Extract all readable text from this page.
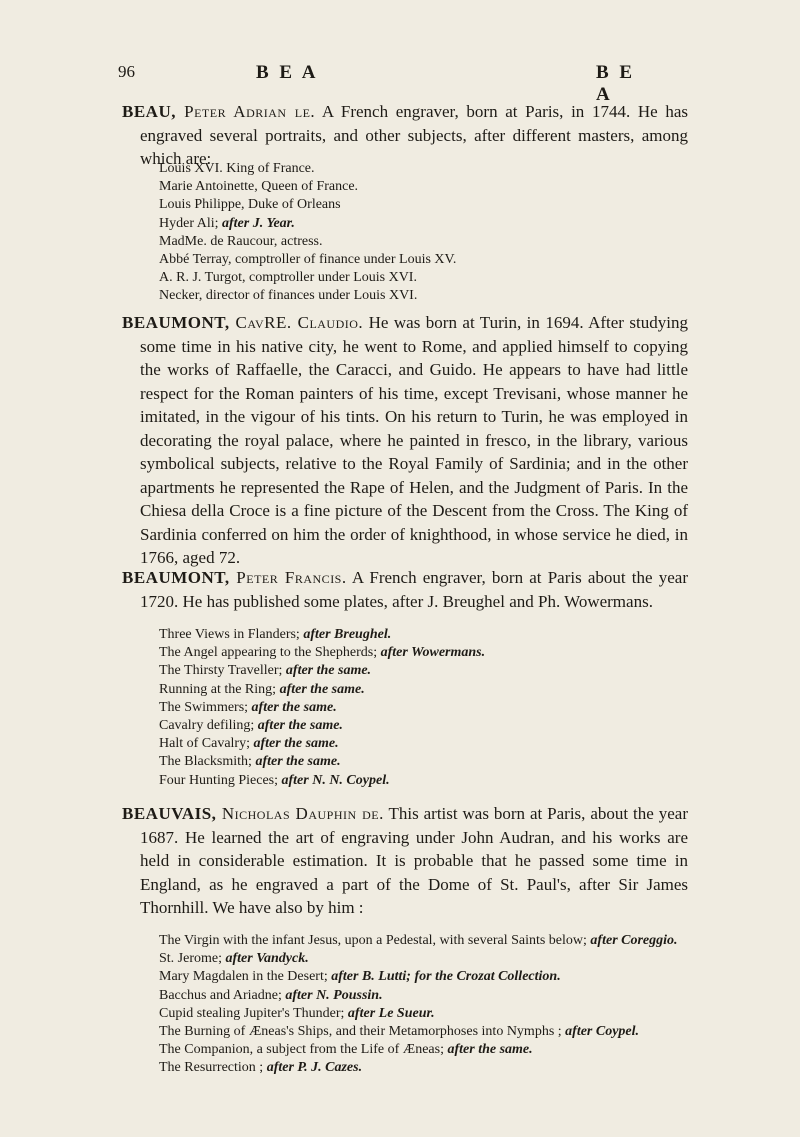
96	B E A	B E A
BEAU, Peter Adrian le. A French engraver, born at Paris, in 1744. He has engraved several portraits, and other subjects, after different masters, among which are:
Louis XVI. King of France.
Marie Antoinette, Queen of France.
Louis Philippe, Duke of Orleans
Hyder Ali; after J. Year.
MadMe. de Raucour, actress.
Abbé Terray, comptroller of finance under Louis XV.
A. R. J. Turgot, comptroller under Louis XVI.
Necker, director of finances under Louis XVI.
BEAUMONT, CavRE. Claudio. He was born at Turin, in 1694. After studying some time in his native city, he went to Rome, and applied himself to copying the works of Raffaelle, the Caracci, and Guido. He appears to have had little respect for the Roman painters of his time, except Trevisani, whose manner he imitated, in the vigour of his tints. On his return to Turin, he was employed in decorating the royal palace, where he painted in fresco, in the library, various symbolical subjects, relative to the Royal Family of Sardinia; and in the other apartments he represented the Rape of Helen, and the Judgment of Paris. In the Chiesa della Croce is a fine picture of the Descent from the Cross. The King of Sardinia conferred on him the order of knighthood, in whose service he died, in 1766, aged 72.
BEAUMONT, Peter Francis. A French engraver, born at Paris about the year 1720. He has published some plates, after J. Breughel and Ph. Wowermans.
Three Views in Flanders; after Breughel.
The Angel appearing to the Shepherds; after Wowermans.
The Thirsty Traveller; after the same.
Running at the Ring; after the same.
The Swimmers; after the same.
Cavalry defiling; after the same.
Halt of Cavalry; after the same.
The Blacksmith; after the same.
Four Hunting Pieces; after N. N. Coypel.
BEAUVAIS, Nicholas Dauphin de. This artist was born at Paris, about the year 1687. He learned the art of engraving under John Audran, and his works are held in considerable estimation. It is probable that he passed some time in England, as he engraved a part of the Dome of St. Paul's, after Sir James Thornhill. We have also by him :
The Virgin with the infant Jesus, upon a Pedestal, with several Saints below; after Coreggio.
St. Jerome; after Vandyck.
Mary Magdalen in the Desert; after B. Lutti; for the Crozat Collection.
Bacchus and Ariadne; after N. Poussin.
Cupid stealing Jupiter's Thunder; after Le Sueur.
The Burning of Æneas's Ships, and their Metamorphoses into Nymphs ; after Coypel.
The Companion, a subject from the Life of Æneas; after the same.
The Resurrection ; after P. J. Cazes.
